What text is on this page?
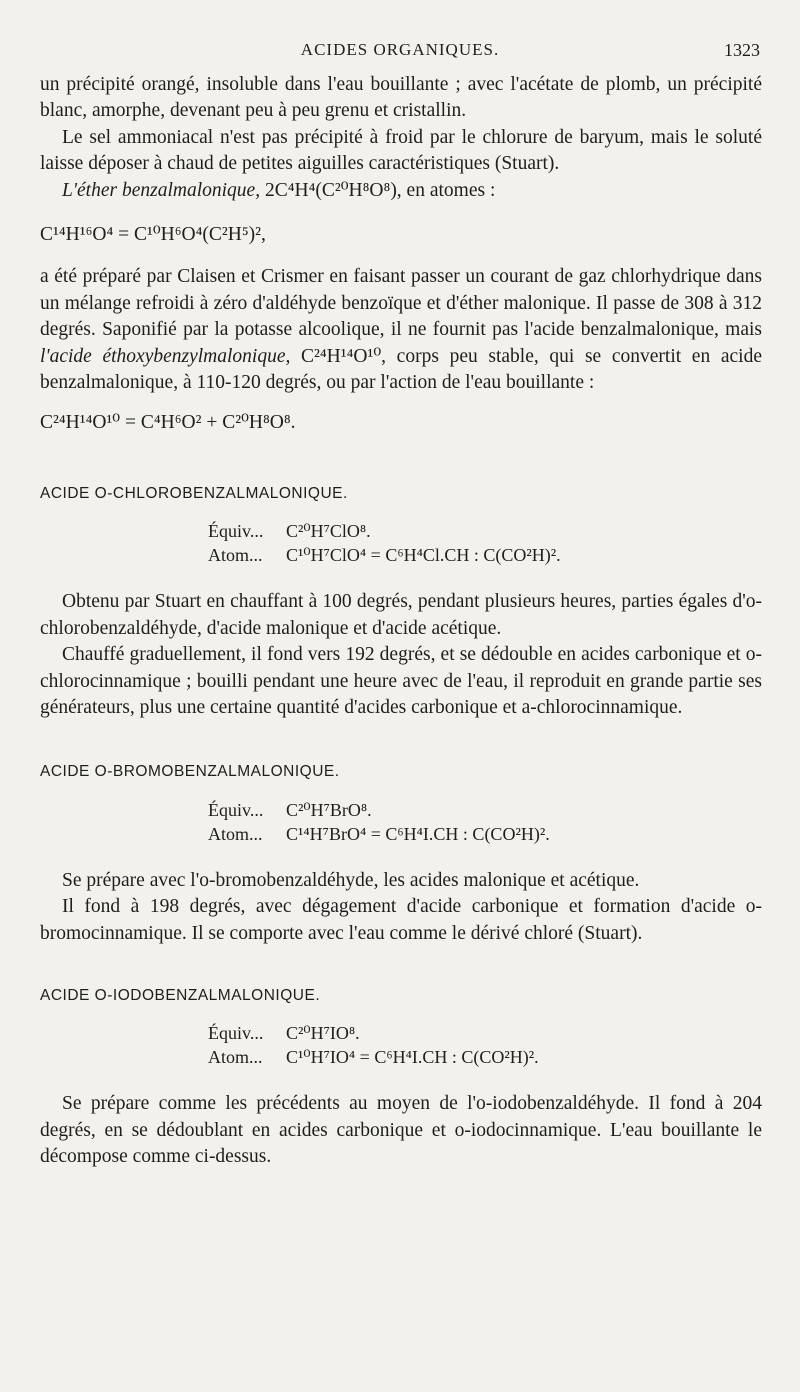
ACIDES ORGANIQUES.	1323

un précipité orangé, insoluble dans l'eau bouillante ; avec l'acétate de plomb, un précipité blanc, amorphe, devenant peu à peu grenu et cristallin.

Le sel ammoniacal n'est pas précipité à froid par le chlorure de baryum, mais le soluté laisse déposer à chaud de petites aiguilles caractéristiques (Stuart).

L'éther benzalmalonique, 2C⁴H⁴(C²⁰H⁸O⁸), en atomes :

C¹⁴H¹⁶O⁴ = C¹⁰H⁶O⁴(C²H⁵)²,

a été préparé par Claisen et Crismer en faisant passer un courant de gaz chlorhydrique dans un mélange refroidi à zéro d'aldéhyde benzoïque et d'éther malonique. Il passe de 308 à 312 degrés. Saponifié par la potasse alcoolique, il ne fournit pas l'acide benzalmalonique, mais l'acide éthoxybenzylmalonique, C²⁴H¹⁴O¹⁰, corps peu stable, qui se convertit en acide benzalmalonique, à 110-120 degrés, ou par l'action de l'eau bouillante :

C²⁴H¹⁴O¹⁰ = C⁴H⁶O² + C²⁰H⁸O⁸.

ACIDE O-CHLOROBENZALMALONIQUE.

Équiv...	C²⁰H⁷ClO⁸.
Atom...	C¹⁰H⁷ClO⁴ = C⁶H⁴Cl.CH : C(CO²H)².

Obtenu par Stuart en chauffant à 100 degrés, pendant plusieurs heures, parties égales d'o-chlorobenzaldéhyde, d'acide malonique et d'acide acétique.

Chauffé graduellement, il fond vers 192 degrés, et se dédouble en acides carbonique et o-chlorocinnamique ; bouilli pendant une heure avec de l'eau, il reproduit en grande partie ses générateurs, plus une certaine quantité d'acides carbonique et a-chlorocinnamique.

ACIDE O-BROMOBENZALMALONIQUE.

Équiv...	C²⁰H⁷BrO⁸.
Atom...	C¹⁴H⁷BrO⁴ = C⁶H⁴I.CH : C(CO²H)².

Se prépare avec l'o-bromobenzaldéhyde, les acides malonique et acétique.

Il fond à 198 degrés, avec dégagement d'acide carbonique et formation d'acide o-bromocinnamique. Il se comporte avec l'eau comme le dérivé chloré (Stuart).

ACIDE O-IODOBENZALMALONIQUE.

Équiv...	C²⁰H⁷IO⁸.
Atom...	C¹⁰H⁷IO⁴ = C⁶H⁴I.CH : C(CO²H)².

Se prépare comme les précédents au moyen de l'o-iodobenzaldéhyde. Il fond à 204 degrés, en se dédoublant en acides carbonique et o-iodocinnamique. L'eau bouillante le décompose comme ci-dessus.
